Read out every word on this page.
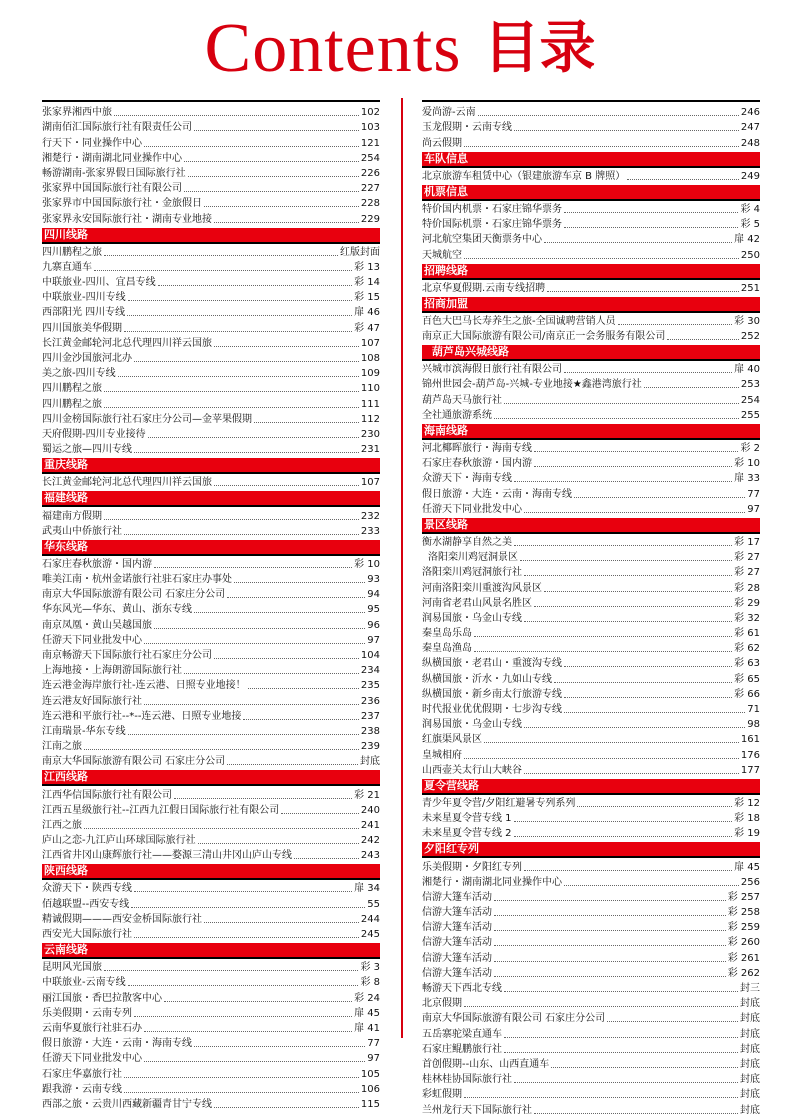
Contents 目录
张家界湘西中旅	102
湖南佰汇国际旅行社有限责任公司	103
行天下・同业操作中心	121
湘楚行・湖南湖北同业操作中心	254
畅游湖南-张家界假日国际旅行社	226
张家界中国国际旅行社有限公司	227
张家界市中国国际旅行社・金旅假日	228
张家界永安国际旅行社・湖南专业地接	229
四川线路
四川鹏程之旅	红版封面
九寨直通车	彩 13
中联旅业-四川、宜昌专线	彩 14
中联旅业-四川专线	彩 15
西部阳光 四川专线	扉 46
四川国旅美华假期	彩 47
长江黄金邮轮河北总代理四川祥云国旅	107
四川金沙国旅河北办	108
美之旅-四川专线	109
四川鹏程之旅	110
四川鹏程之旅	111
四川金榜国际旅行社石家庄分公司—金苹果假期	112
天府假期-四川专业接待	230
蜀运之旅—四川专线	231
重庆线路
长江黄金邮轮河北总代理四川祥云国旅	107
福建线路
福建南方假期	232
武夷山中侨旅行社	233
华东线路
石家庄春秋旅游・国内游	彩 10
唯美江南・杭州金诺旅行社驻石家庄办事处	93
南京大华国际旅游有限公司 石家庄分公司	94
华东风光—华东、黄山、浙东专线	95
南京凤凰・黄山吴越国旅	96
任游天下同业批发中心	97
南京畅游天下国际旅行社石家庄分公司	104
上海地接・上海朗游国际旅行社	234
连云港金海岸旅行社-连云港、日照专业地接！	235
连云港友好国际旅行社	236
连云港和平旅行社--*--连云港、日照专业地接	237
江南瑞景-华东专线	238
江南之旅	239
南京大华国际旅游有限公司 石家庄分公司	封底
江西线路
江西华信国际旅行社有限公司	彩 21
江西五星级旅行社--江西九江假日国际旅行社有限公司	240
江西之旅	241
庐山之恋-九江庐山环球国际旅行社	242
江西省井冈山康辉旅行社——婺源三清山井冈山庐山专线	243
陕西线路
众游天下・陕西专线	扉 34
佰越联盟--西安专线	55
精诚假期———西安金桥国际旅行社	244
西安光大国际旅行社	245
云南线路
昆明风光国旅	彩 3
中联旅业-云南专线	彩 8
丽江国旅・香巴拉散客中心	彩 24
乐美假期・云南专列	扉 45
云南华夏旅行社驻石办	扉 41
假日旅游・大连・云南・海南专线	77
任游天下同业批发中心	97
石家庄华嘉旅行社	105
跟我游・云南专线	106
西部之旅・云贵川西藏新疆青甘宁专线	115
爱尚游-云南	246
玉龙假期・云南专线	247
尚云假期	248
车队信息
北京旅游车租赁中心（银建旅游车京 B 牌照）	249
机票信息
特价国内机票・石家庄锦华票务	彩 4
特价国际机票・石家庄锦华票务	彩 5
河北航空集团天衡票务中心	扉 42
天城航空	250
招聘线路
北京华夏假期.云南专线招聘	251
招商加盟
百色大巴马长寿养生之旅-全国诚聘营销人员	彩 30
南京正大国际旅游有限公司/南京正一会务服务有限公司	252
葫芦岛兴城线路
兴城市滨海假日旅行社有限公司	扉 40
锦州世园会-葫芦岛-兴城-专业地接★鑫港湾旅行社	253
葫芦岛天马旅行社	254
全社通旅游系统	255
海南线路
河北椰晖旅行・海南专线	彩 2
石家庄春秋旅游・国内游	彩 10
众游天下・海南专线	扉 33
假日旅游・大连・云南・海南专线	77
任游天下同业批发中心	97
景区线路
衡水湖静享自然之美	彩 17
洛阳栾川鸡冠洞景区	彩 27
洛阳栾川鸡冠洞旅行社	彩 27
河南洛阳栾川重渡沟风景区	彩 28
河南省老君山风景名胜区	彩 29
润易国旅・乌金山专线	彩 32
秦皇岛乐岛	彩 61
秦皇岛渔岛	彩 62
纵横国旅・老君山・重渡沟专线	彩 63
纵横国旅・沂水・九如山专线	彩 65
纵横国旅・新乡南太行旅游专线	彩 66
时代报业优优假期・七步沟专线	71
润易国旅・乌金山专线	98
红旗渠风景区	161
皇城相府	176
山西壶关太行山大峡谷	177
夏令营线路
青少年夏令营/夕阳红避暑专列系列	彩 12
未来星夏令营专线 1	彩 18
未来星夏令营专线 2	彩 19
夕阳红专列
乐美假期・夕阳红专列	扉 45
湘楚行・湖南湖北同业操作中心	256
信游大篷车活动	彩 257
信游大篷车活动	彩 258
信游大篷车活动	彩 259
信游大篷车活动	彩 260
信游大篷车活动	彩 261
信游大篷车活动	彩 262
畅游天下西北专线	封三
北京假期	封底
南京大华国际旅游有限公司 石家庄分公司	封底
五岳寨驼梁直通车	封底
石家庄鲲鹏旅行社	封底
首创假期--山东、山西直通车	封底
桂林桂协国际旅行社	封底
彩虹假期	封底
兰州龙行天下国际旅行社	封底
